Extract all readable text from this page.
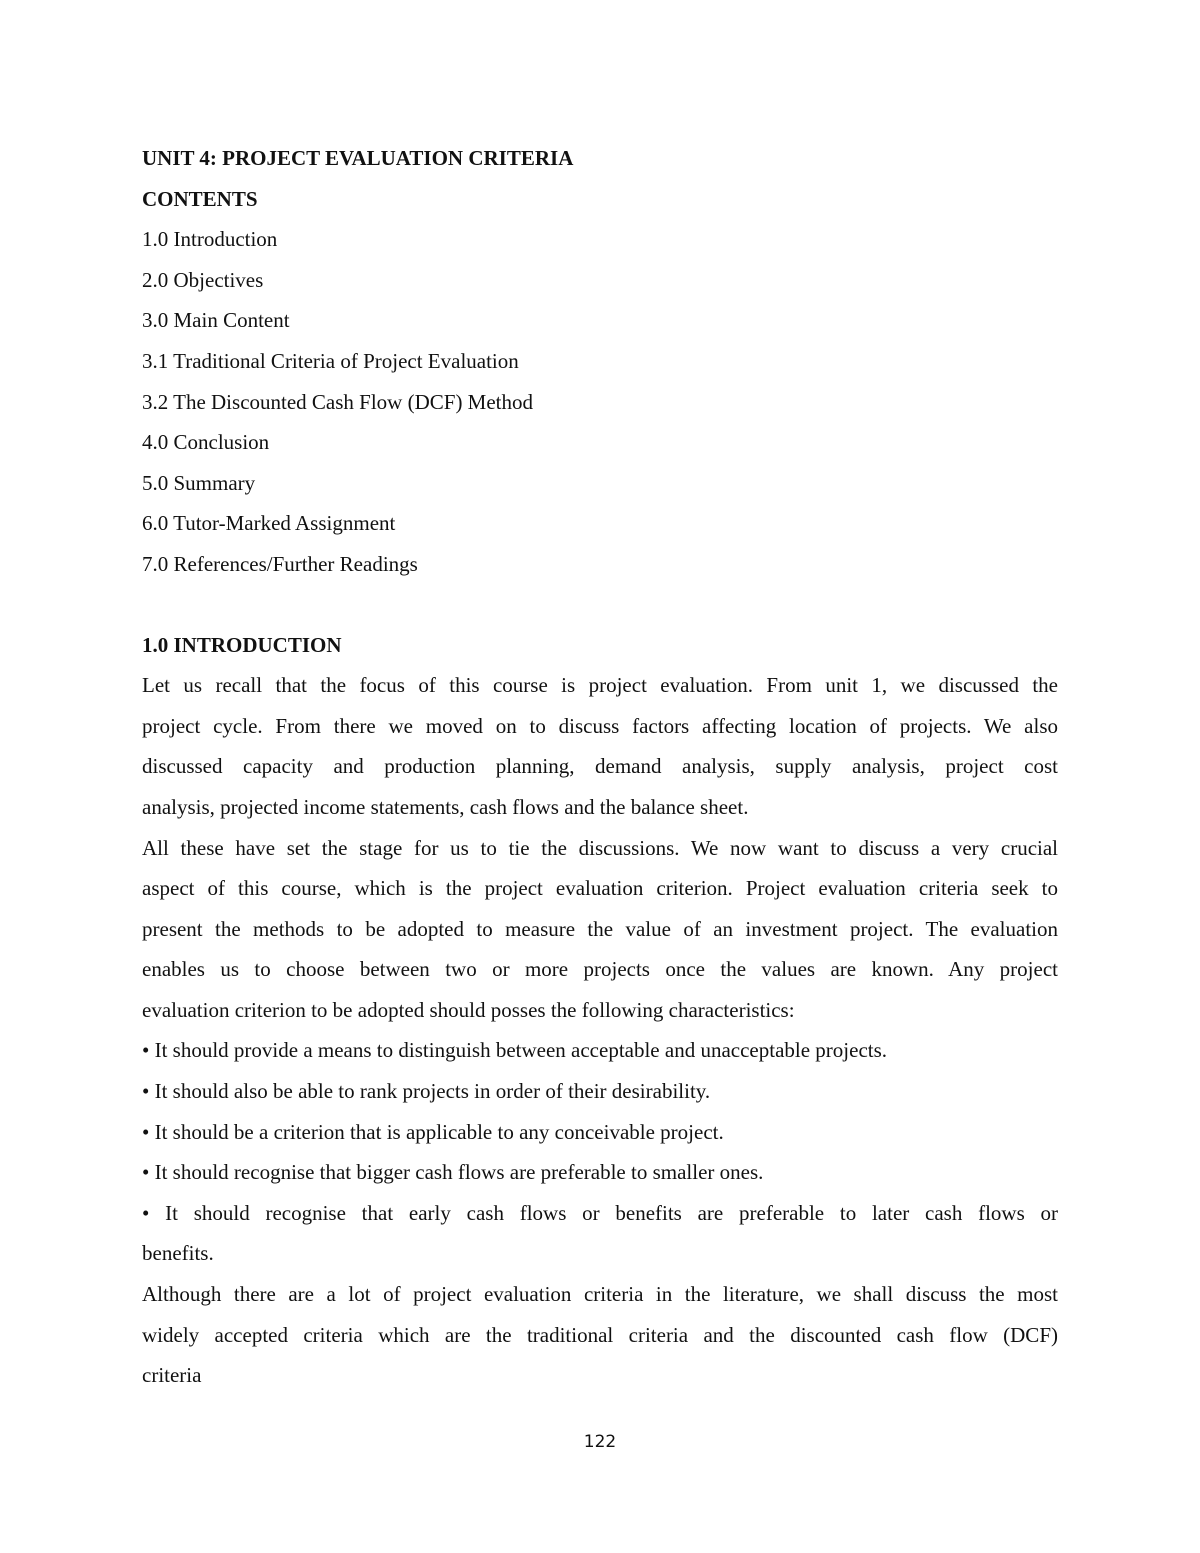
UNIT 4: PROJECT EVALUATION CRITERIA
CONTENTS
1.0 Introduction
2.0 Objectives
3.0 Main Content
3.1 Traditional Criteria of Project Evaluation
3.2 The Discounted Cash Flow (DCF) Method
4.0 Conclusion
5.0 Summary
6.0 Tutor-Marked Assignment
7.0 References/Further Readings
1.0 INTRODUCTION
Let us recall that the focus of this course is project evaluation. From unit 1, we discussed the
project cycle. From there we moved on to discuss factors affecting location of projects. We also
discussed capacity and production planning, demand analysis, supply analysis, project cost
analysis, projected income statements, cash flows and the balance sheet.
All these have set the stage for us to tie the discussions. We now want to discuss a very crucial
aspect of this course, which is the project evaluation criterion. Project evaluation criteria seek to
present the methods to be adopted to measure the value of an investment project. The evaluation
enables us to choose between two or more projects once the values are known. Any project
evaluation criterion to be adopted should posses the following characteristics:
• It should provide a means to distinguish between acceptable and unacceptable projects.
• It should also be able to rank projects in order of their desirability.
• It should be a criterion that is applicable to any conceivable project.
• It should recognise that bigger cash flows are preferable to smaller ones.
• It should recognise that early cash flows or benefits are preferable to later cash flows or
benefits.
Although there are a lot of project evaluation criteria in the literature, we shall discuss the most
widely accepted criteria which are the traditional criteria and the discounted cash flow (DCF)
criteria
122
